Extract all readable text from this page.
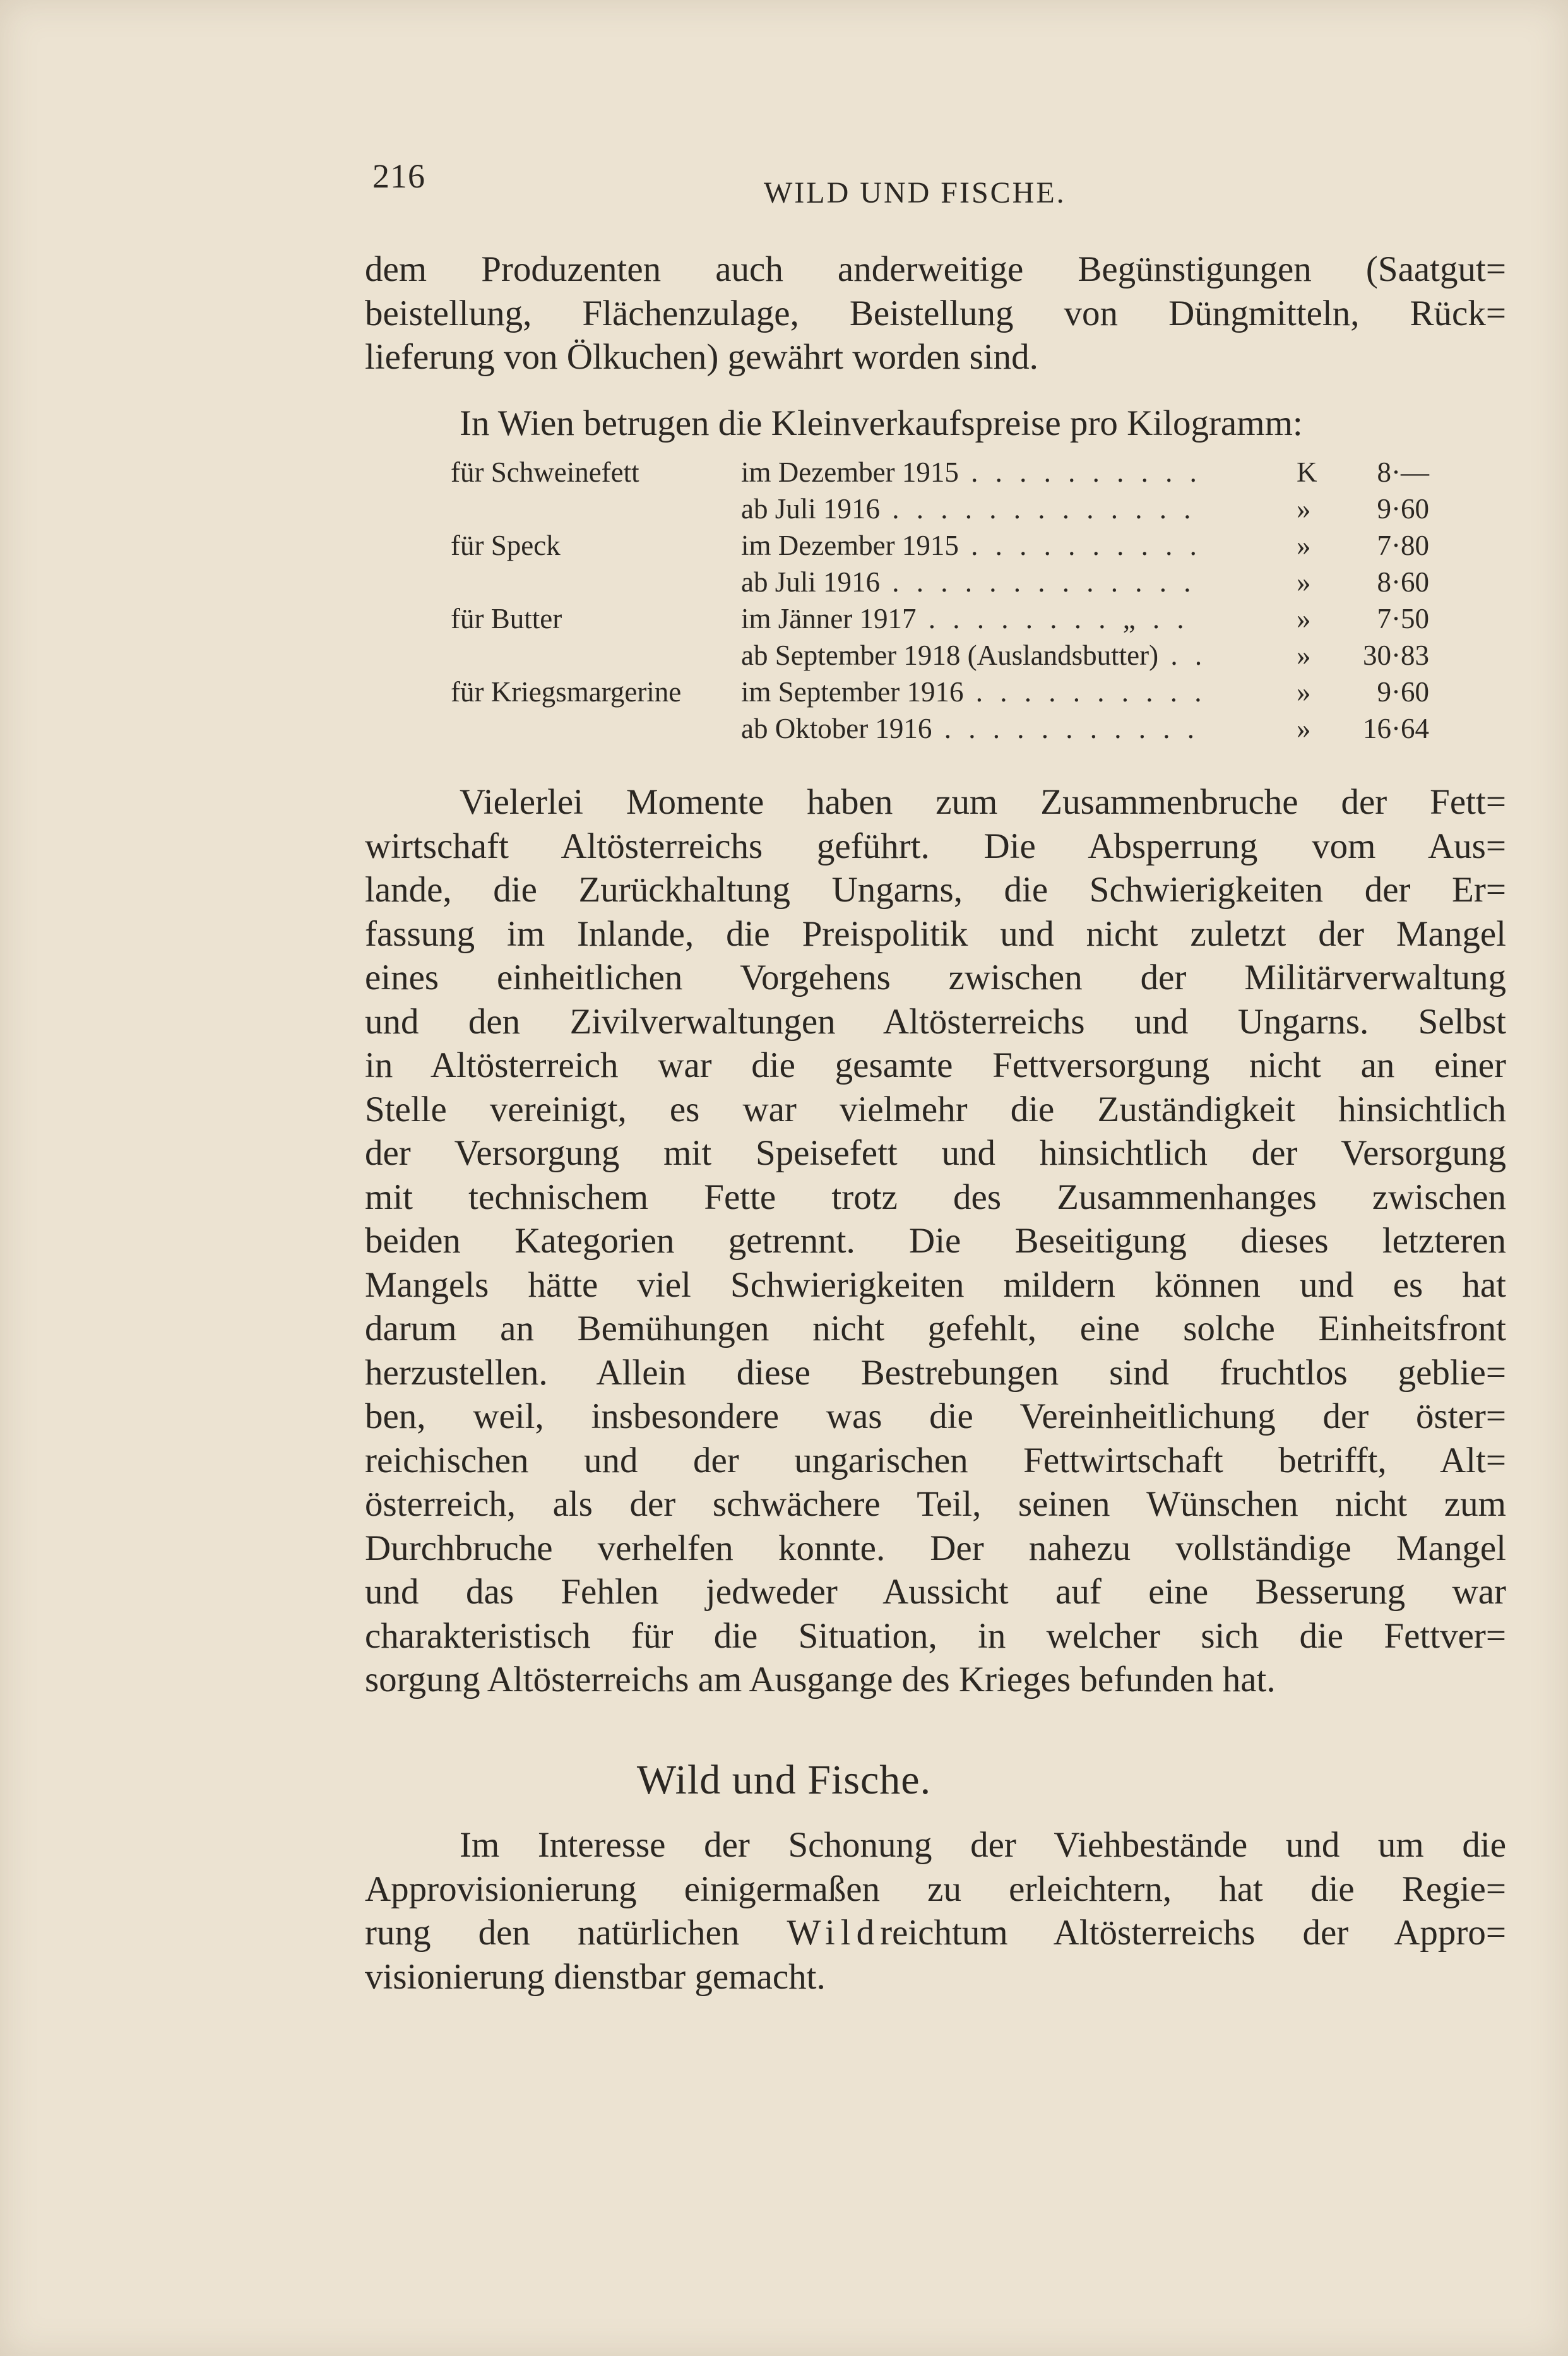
216	WILD UND FISCHE.

dem Produzenten auch anderweitige Begünstigungen (Saatgut=
beistellung, Flächenzulage, Beistellung von Düngmitteln, Rück=
lieferung von Ölkuchen) gewährt worden sind.

In Wien betrugen die Kleinverkaufspreise pro Kilogramm:

für Schweinefett	im Dezember 1915 . . . . . . . . . .	K	8·—
	ab Juli 1916 . . . . . . . . . . . . .	»	9·60
für Speck	im Dezember 1915 . . . . . . . . . .	»	7·80
	ab Juli 1916 . . . . . . . . . . . . .	»	8·60
für Butter	im Jänner 1917 . . . . . . . . „ . .	»	7·50
	ab September 1918 (Auslandsbutter) . .	»	30·83
für Kriegsmargerine	im September 1916 . . . . . . . . . .	»	9·60
	ab Oktober 1916 . . . . . . . . . . .	»	16·64

Vielerlei Momente haben zum Zusammenbruche der Fett=
wirtschaft Altösterreichs geführt. Die Absperrung vom Aus=
lande, die Zurückhaltung Ungarns, die Schwierigkeiten der Er=
fassung im Inlande, die Preispolitik und nicht zuletzt der Mangel
eines einheitlichen Vorgehens zwischen der Militärverwaltung
und den Zivilverwaltungen Altösterreichs und Ungarns. Selbst
in Altösterreich war die gesamte Fettversorgung nicht an einer
Stelle vereinigt, es war vielmehr die Zuständigkeit hinsichtlich
der Versorgung mit Speisefett und hinsichtlich der Versorgung
mit technischem Fette trotz des Zusammenhanges zwischen
beiden Kategorien getrennt. Die Beseitigung dieses letzteren
Mangels hätte viel Schwierigkeiten mildern können und es hat
darum an Bemühungen nicht gefehlt, eine solche Einheitsfront
herzustellen. Allein diese Bestrebungen sind fruchtlos geblie=
ben, weil, insbesondere was die Vereinheitlichung der öster=
reichischen und der ungarischen Fettwirtschaft betrifft, Alt=
österreich, als der schwächere Teil, seinen Wünschen nicht zum
Durchbruche verhelfen konnte. Der nahezu vollständige Mangel
und das Fehlen jedweder Aussicht auf eine Besserung war
charakteristisch für die Situation, in welcher sich die Fettver=
sorgung Altösterreichs am Ausgange des Krieges befunden hat.

Wild und Fische.

Im Interesse der Schonung der Viehbestände und um die
Approvisionierung einigermaßen zu erleichtern, hat die Regie=
rung den natürlichen Wildreichtum Altösterreichs der Appro=
visionierung dienstbar gemacht.
